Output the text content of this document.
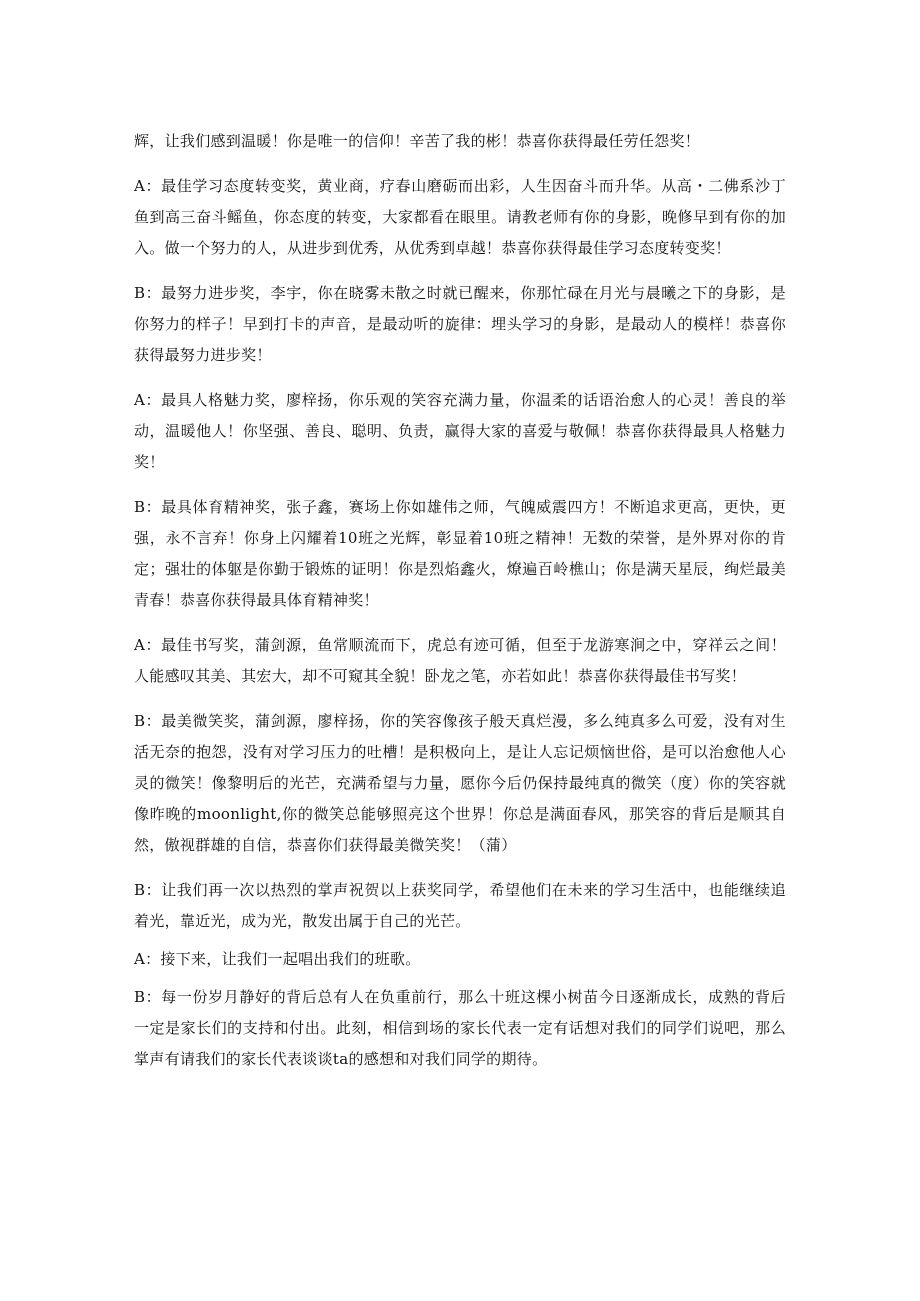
辉，让我们感到温暖！你是唯一的信仰！辛苦了我的彬！恭喜你获得最任劳任怨奖！

A：最佳学习态度转变奖，黄业商，疗春山磨砺而出彩，人生因奋斗而升华。从高・二佛系沙丁鱼到高三奋斗鳐鱼，你态度的转变，大家都看在眼里。请教老师有你的身影，晚修早到有你的加入。做一个努力的人，从进步到优秀，从优秀到卓越！恭喜你获得最佳学习态度转变奖！

B：最努力进步奖，李宇，你在晓雾未散之时就已醒来，你那忙碌在月光与晨曦之下的身影，是你努力的样子！早到打卡的声音，是最动听的旋律：埋头学习的身影，是最动人的模样！恭喜你获得最努力进步奖！

A：最具人格魅力奖，廖梓扬，你乐观的笑容充满力量，你温柔的话语治愈人的心灵！善良的举动，温暖他人！你坚强、善良、聪明、负责，赢得大家的喜爱与敬佩！恭喜你获得最具人格魅力奖！

B：最具体育精神奖，张子鑫，赛场上你如雄伟之师，气魄威震四方！不断追求更高，更快，更强，永不言弃！你身上闪耀着10班之光辉，彰显着10班之精神！无数的荣誉，是外界对你的肯定；强壮的体躯是你勤于锻炼的证明！你是烈焰鑫火，燎遍百岭樵山；你是满天星辰，绚烂最美青春！恭喜你获得最具体育精神奖！

A：最佳书写奖，蒲剑源，鱼常顺流而下，虎总有迹可循，但至于龙游寒涧之中，穿祥云之间！人能感叹其美、其宏大，却不可窥其全貌！卧龙之笔，亦若如此！恭喜你获得最佳书写奖！

B：最美微笑奖，蒲剑源，廖梓扬，你的笑容像孩子般天真烂漫，多么纯真多么可爱，没有对生活无奈的抱怨，没有对学习压力的吐槽！是积极向上，是让人忘记烦恼世俗，是可以治愈他人心灵的微笑！像黎明后的光芒，充满希望与力量，愿你今后仍保持最纯真的微笑（度）你的笑容就像昨晚的moonlight,你的微笑总能够照亮这个世界！你总是满面春风，那笑容的背后是顺其自然，傲视群雄的自信，恭喜你们获得最美微笑奖！（蒲）

B：让我们再一次以热烈的掌声祝贺以上获奖同学，希望他们在未来的学习生活中，也能继续追着光，靠近光，成为光，散发出属于自己的光芒。

A：接下来，让我们一起唱出我们的班歌。

B：每一份岁月静好的背后总有人在负重前行，那么十班这棵小树苗今日逐渐成长，成熟的背后一定是家长们的支持和付出。此刻，相信到场的家长代表一定有话想对我们的同学们说吧，那么掌声有请我们的家长代表谈谈ta的感想和对我们同学的期待。
